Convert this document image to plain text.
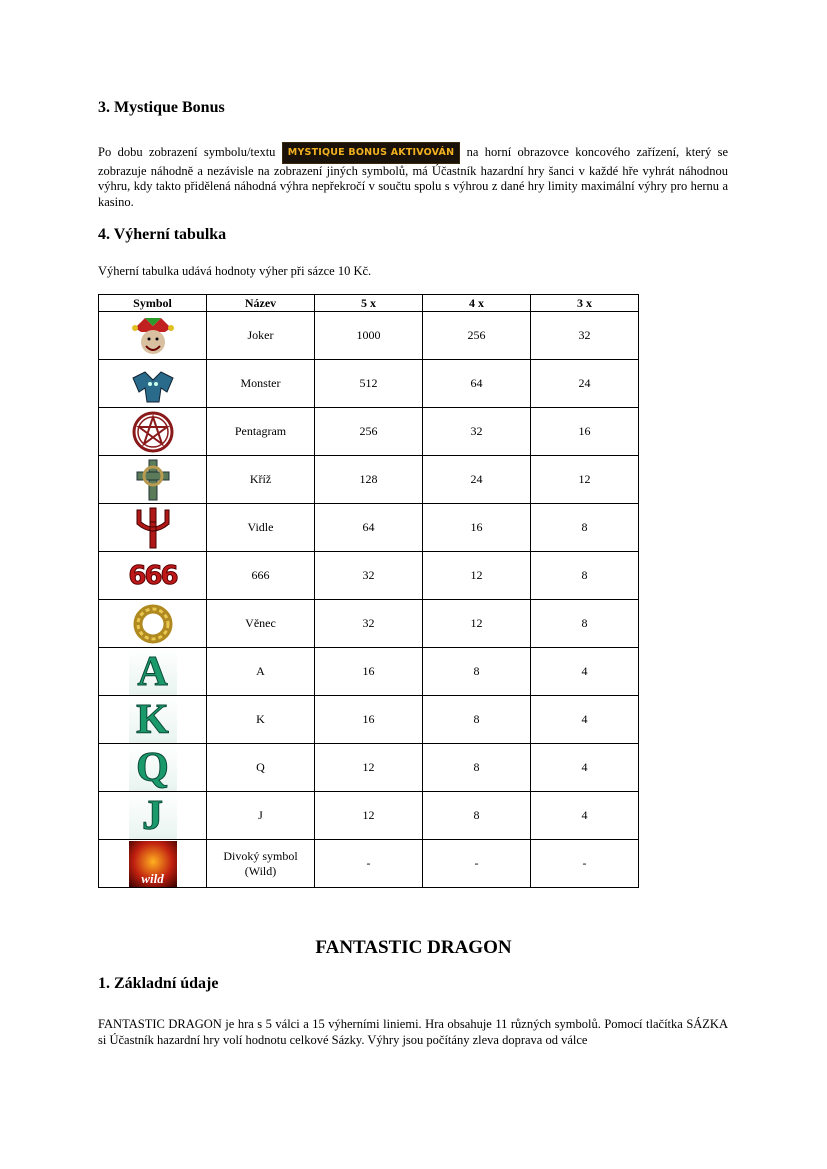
3. Mystique Bonus

Po dobu zobrazení symbolu/textu MYSTIQUE BONUS AKTIVOVÁN na horní obrazovce koncového zařízení, který se zobrazuje náhodně a nezávisle na zobrazení jiných symbolů, má Účastník hazardní hry šanci v každé hře vyhrát náhodnou výhru, kdy takto přidělená náhodná výhra nepřekročí v součtu spolu s výhrou z dané hry limity maximální výhry pro hernu a kasino.

4. Výherní tabulka

Výherní tabulka udává hodnoty výher při sázce 10 Kč.

Symbol	Název	5 x	4 x	3 x

	Joker	1000	256	32

	Monster	512	64	24

	Pentagram	256	32	16

	Kříž	128	24	12

	Vidle	64	16	8

666	666	32	12	8

	Věnec	32	12	8

A	A	16	8	4

K	K	16	8	4

Q	Q	12	8	4

J	J	12	8	4

wild	Divoký symbol (Wild)	-	-	-
FANTASTIC DRAGON
1. Základní údaje

FANTASTIC DRAGON je hra s 5 válci a 15 výherními liniemi. Hra obsahuje 11 různých symbolů. Pomocí tlačítka SÁZKA si Účastník hazardní hry volí hodnotu celkové Sázky. Výhry jsou počítány zleva doprava od válce
